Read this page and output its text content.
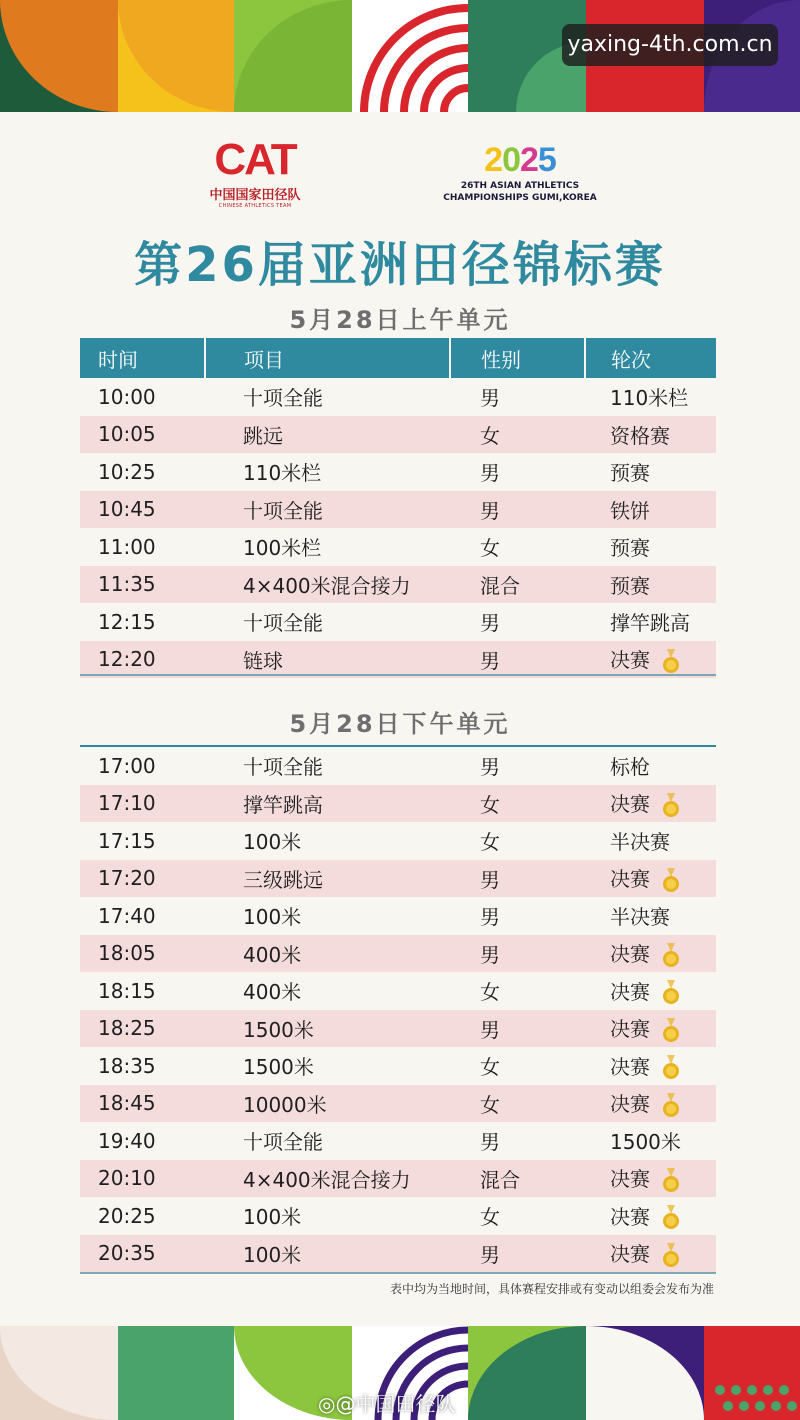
yaxing-4th.com.cn
CAT
中国国家田径队
CHINESE ATHLETICS TEAM
2025
26TH ASIAN ATHLETICS
CHAMPIONSHIPS GUMI,KOREA
第26届亚洲田径锦标赛
5月28日上午单元
时间	项目	性别	轮次
10:00	十项全能	男	110米栏
10:05	跳远	女	资格赛
10:25	110米栏	男	预赛
10:45	十项全能	男	铁饼
11:00	100米栏	女	预赛
11:35	4×400米混合接力	混合	预赛
12:15	十项全能	男	撑竿跳高
12:20	链球	男	决赛
5月28日下午单元
17:00	十项全能	男	标枪
17:10	撑竿跳高	女	决赛
17:15	100米	女	半决赛
17:20	三级跳远	男	决赛
17:40	100米	男	半决赛
18:05	400米	男	决赛
18:15	400米	女	决赛
18:25	1500米	男	决赛
18:35	1500米	女	决赛
18:45	10000米	女	决赛
19:40	十项全能	男	1500米
20:10	4×400米混合接力	混合	决赛
20:25	100米	女	决赛
20:35	100米	男	决赛
表中均为当地时间，具体赛程安排或有变动以组委会发布为准
◎@中国田径队
